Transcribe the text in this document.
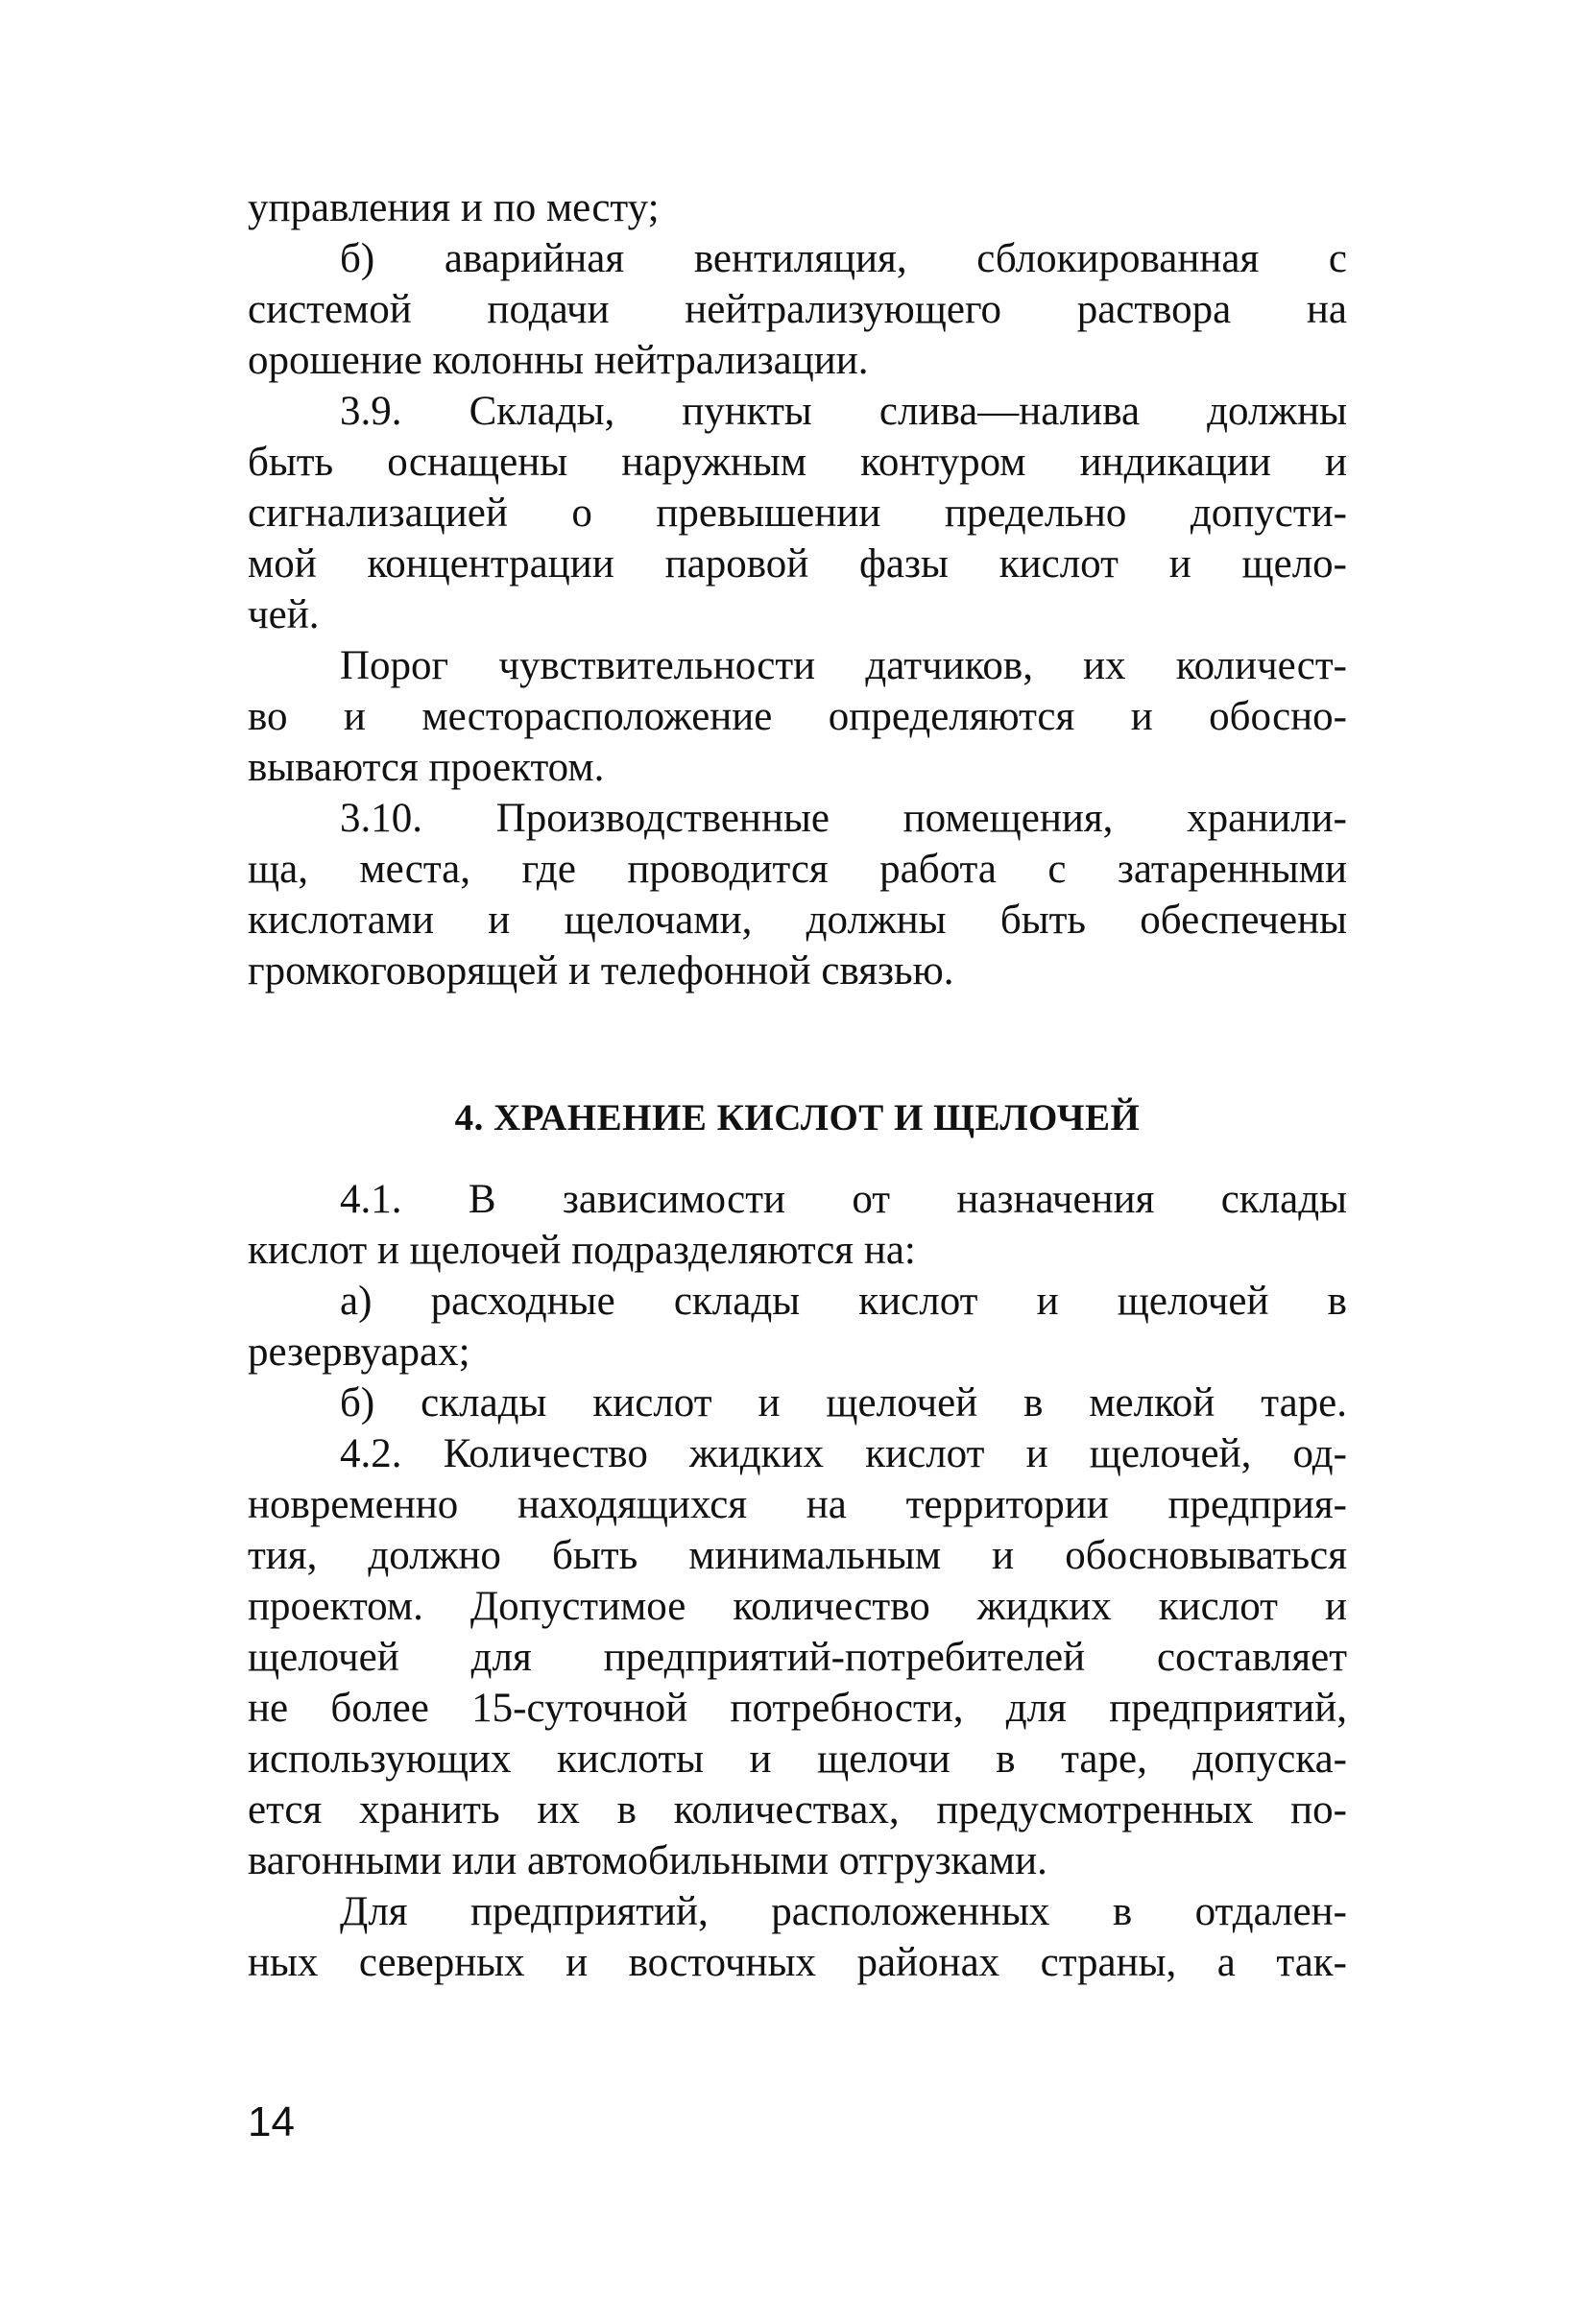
управления и по месту;
б) аварийная вентиляция, сблокированная с
системой подачи нейтрализующего раствора на
орошение колонны нейтрализации.
3.9. Склады, пункты слива—налива должны
быть оснащены наружным контуром индикации и
сигнализацией о превышении предельно допусти-
мой концентрации паровой фазы кислот и щело-
чей.
Порог чувствительности датчиков, их количест-
во и месторасположение определяются и обосно-
вываются проектом.
3.10. Производственные помещения, хранили-
ща, места, где проводится работа с затаренными
кислотами и щелочами, должны быть обеспечены
громкоговорящей и телефонной связью.
4. ХРАНЕНИЕ КИСЛОТ И ЩЕЛОЧЕЙ
4.1. В зависимости от назначения склады
кислот и щелочей подразделяются на:
а) расходные склады кислот и щелочей в
резервуарах;
б) склады кислот и щелочей в мелкой таре.
4.2. Количество жидких кислот и щелочей, од-
новременно находящихся на территории предприя-
тия, должно быть минимальным и обосновываться
проектом. Допустимое количество жидких кислот и
щелочей для предприятий-потребителей составляет
не более 15-суточной потребности, для предприятий,
использующих кислоты и щелочи в таре, допуска-
ется хранить их в количествах, предусмотренных по-
вагонными или автомобильными отгрузками.
Для предприятий, расположенных в отдален-
ных северных и восточных районах страны, а так-
14
